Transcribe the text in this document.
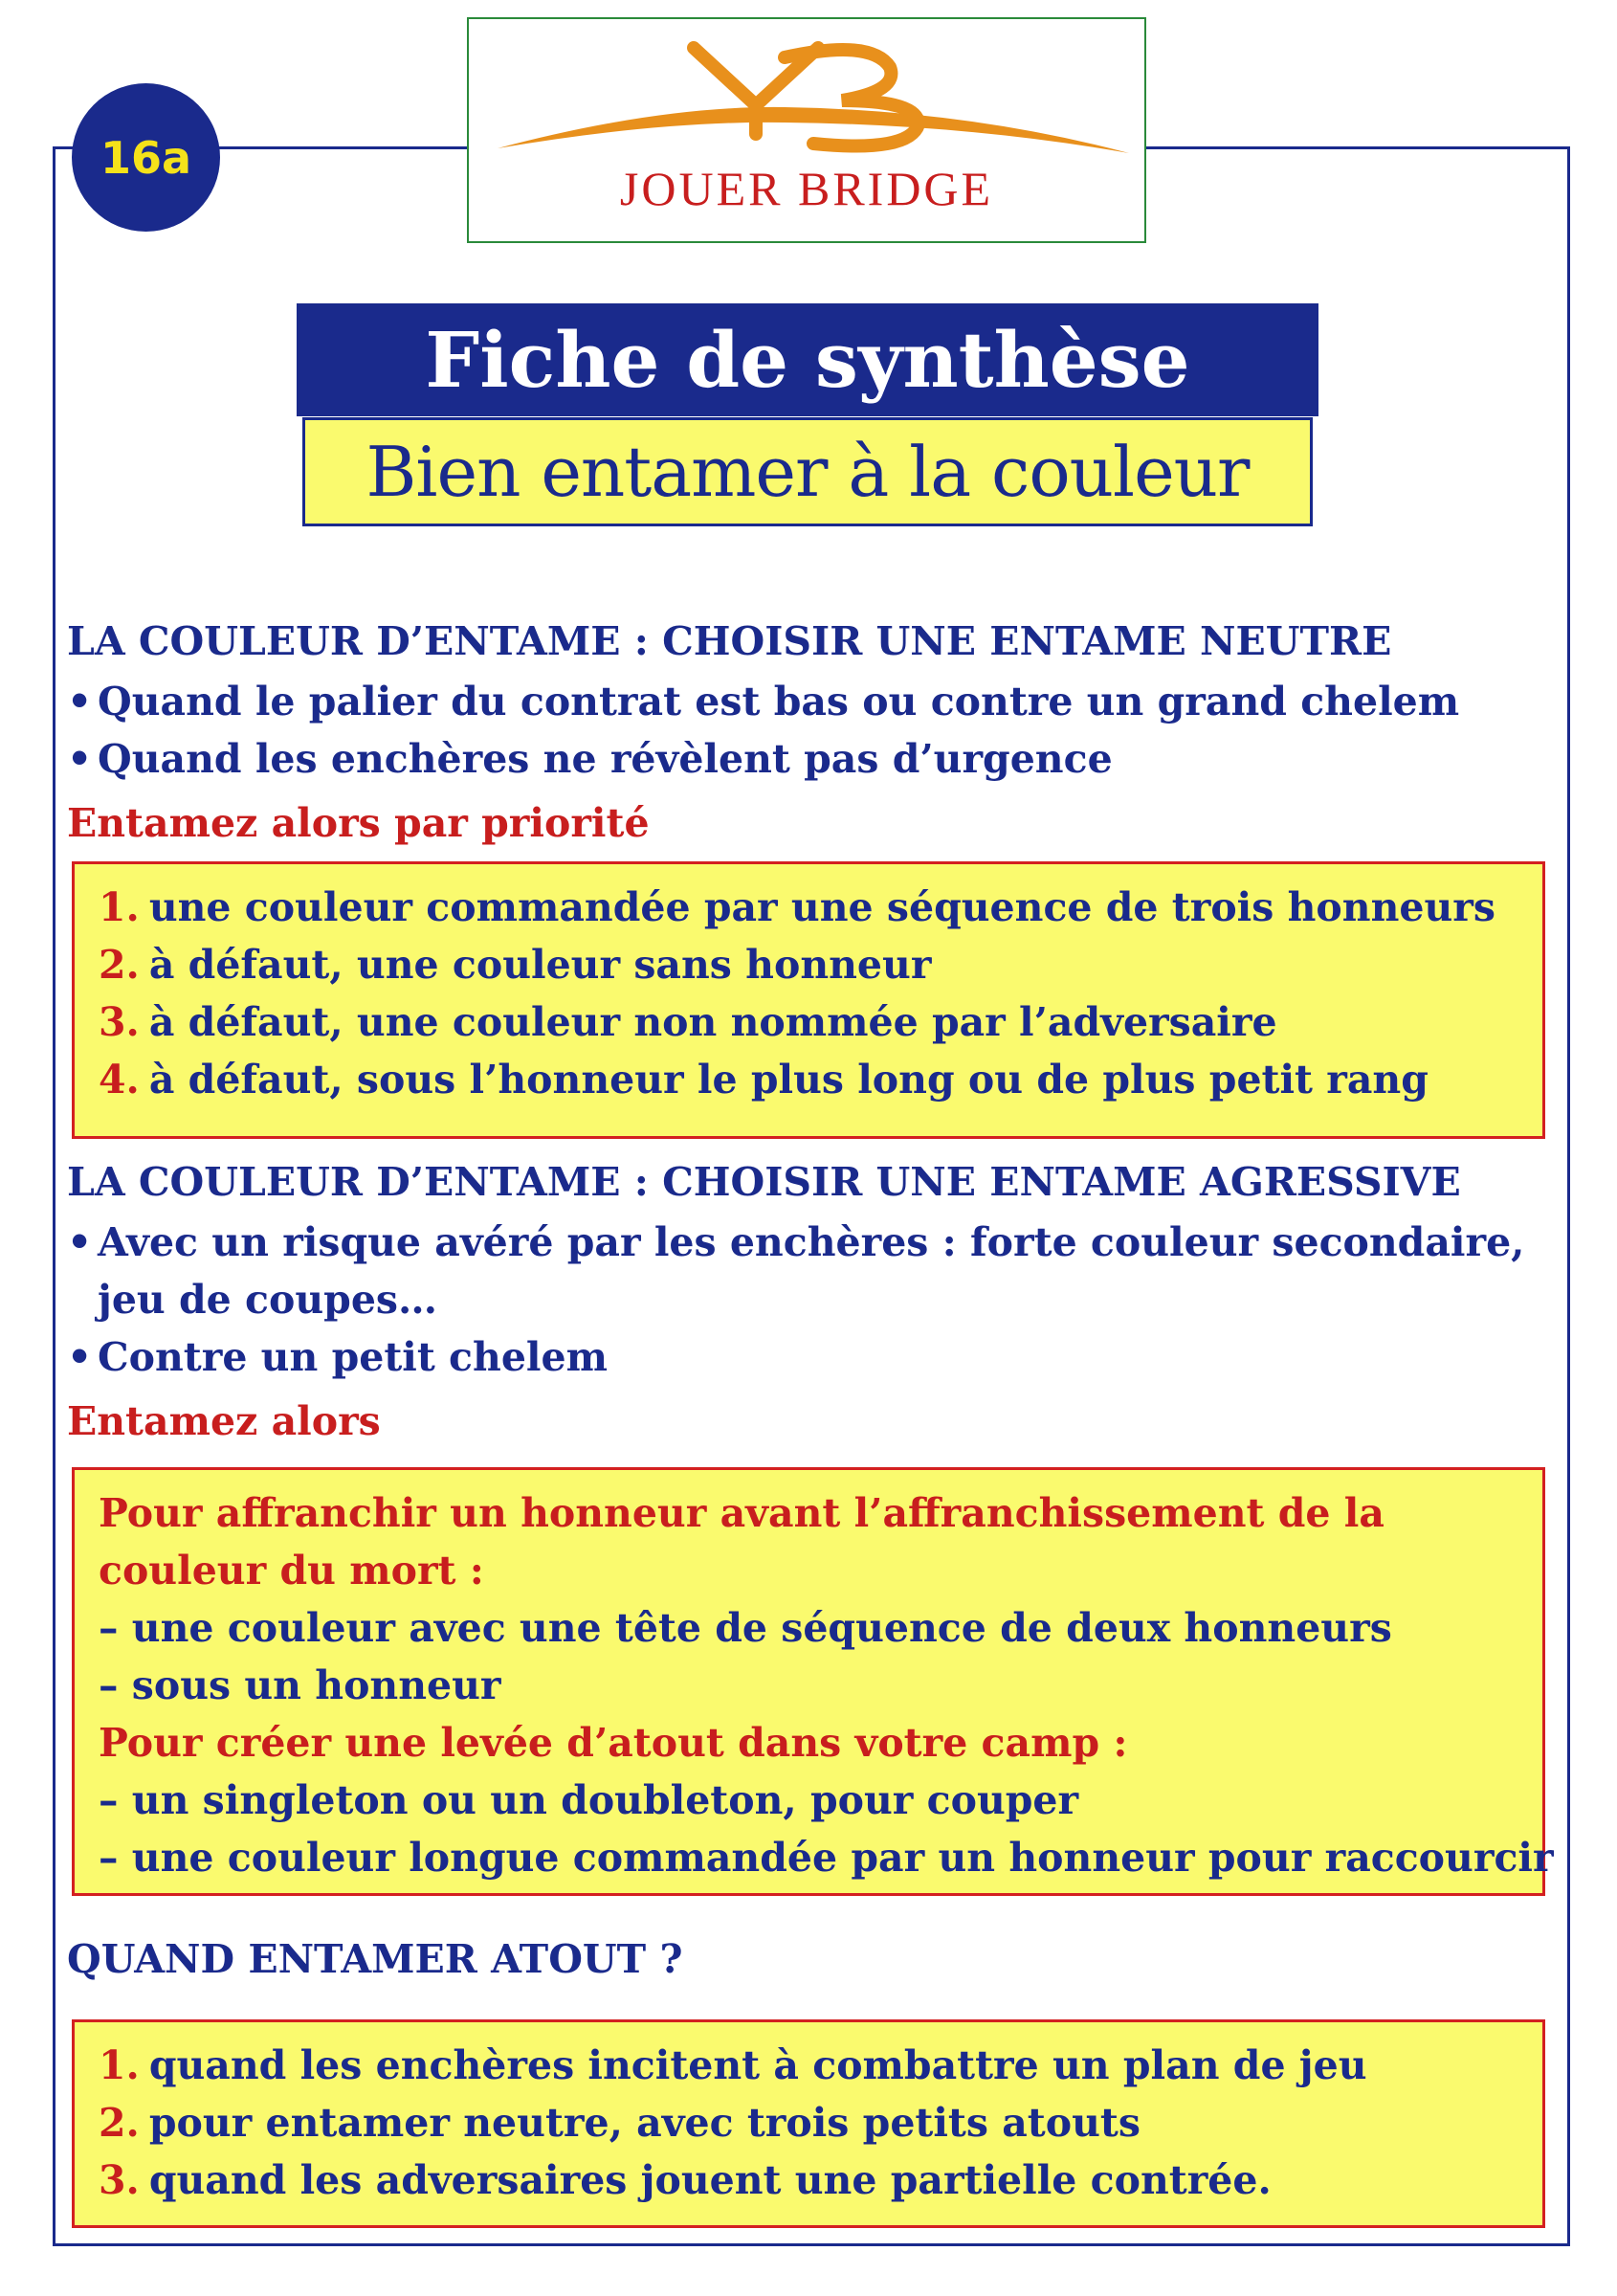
16a
JOUER BRIDGE
Fiche de synthèse
Bien entamer à la couleur
LA COULEUR D’ENTAME : CHOISIR UNE ENTAME NEUTRE
• Quand le palier du contrat est bas ou contre un grand chelem
• Quand les enchères ne révèlent pas d’urgence
Entamez alors par priorité
1. une couleur commandée par une séquence de trois honneurs
2. à défaut, une couleur sans honneur
3. à défaut, une couleur non nommée par l’adversaire
4. à défaut, sous l’honneur le plus long ou de plus petit rang
LA COULEUR D’ENTAME : CHOISIR UNE ENTAME AGRESSIVE
• Avec un risque avéré par les enchères : forte couleur secondaire, jeu de coupes…
• Contre un petit chelem
Entamez alors
Pour affranchir un honneur avant l’affranchissement de la couleur du mort :
– une couleur avec une tête de séquence de deux honneurs
– sous un honneur
Pour créer une levée d’atout dans votre camp :
– un singleton ou un doubleton, pour couper
– une couleur longue commandée par un honneur pour raccourcir
QUAND ENTAMER ATOUT ?
1. quand les enchères incitent à combattre un plan de jeu
2. pour entamer neutre, avec trois petits atouts
3. quand les adversaires jouent une partielle contrée.
